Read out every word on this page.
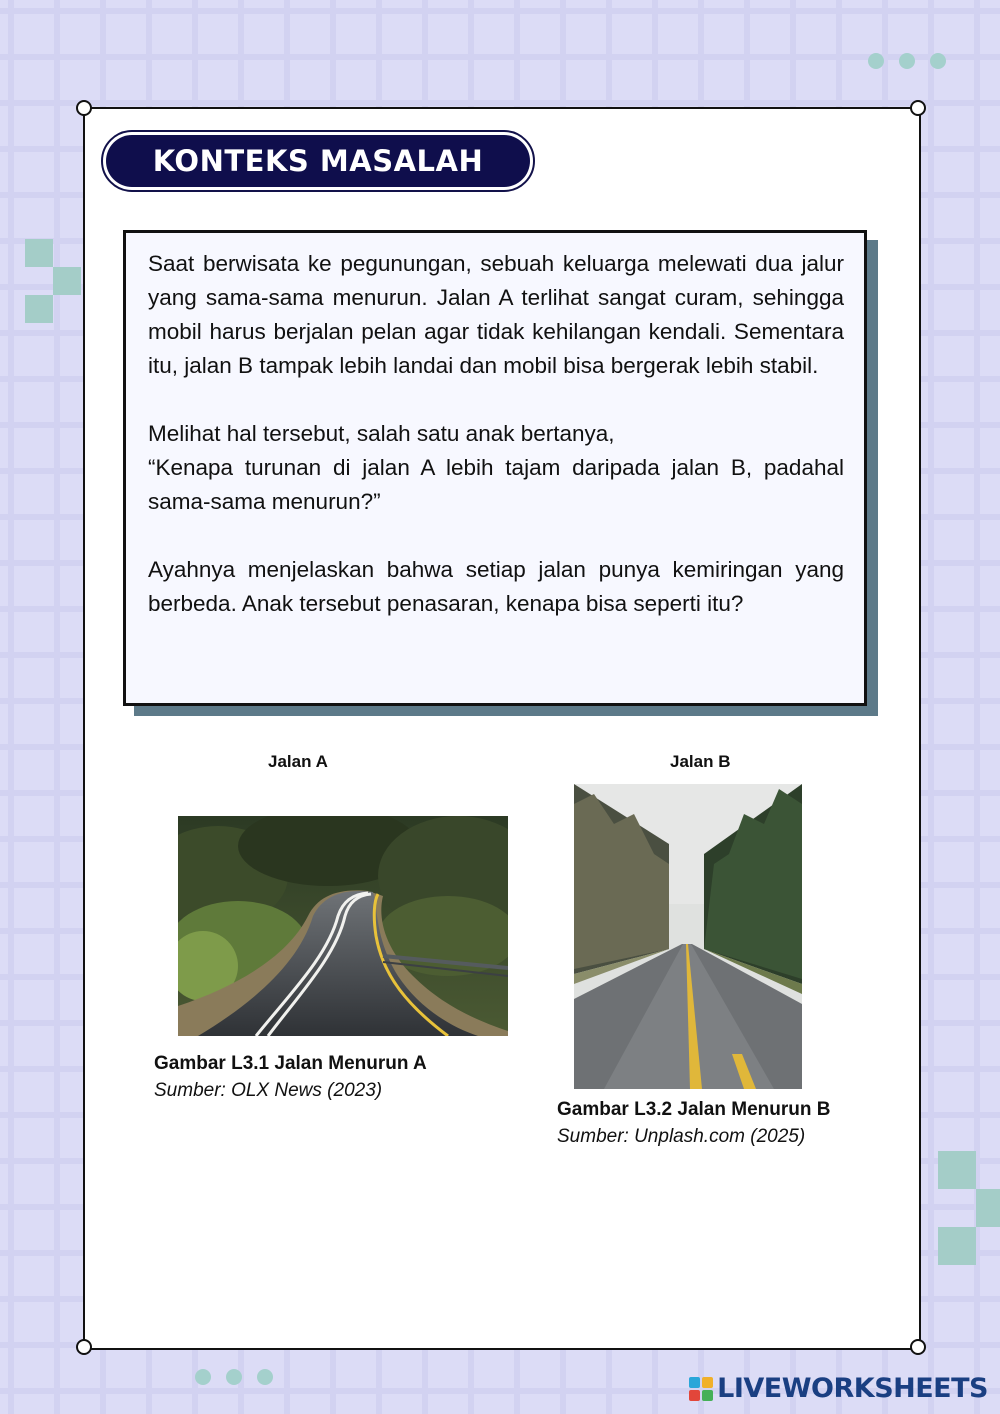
KONTEKS MASALAH

Saat berwisata ke pegunungan, sebuah keluarga melewati dua jalur yang sama-sama menurun. Jalan A terlihat sangat curam, sehingga mobil harus berjalan pelan agar tidak kehilangan kendali. Sementara itu, jalan B tampak lebih landai dan mobil bisa bergerak lebih stabil.

Melihat hal tersebut, salah satu anak bertanya,

“Kenapa turunan di jalan A lebih tajam daripada jalan B, padahal sama-sama menurun?”

Ayahnya menjelaskan bahwa setiap jalan punya kemiringan yang berbeda. Anak tersebut penasaran, kenapa bisa seperti itu?

Jalan A
Gambar L3.1 Jalan Menurun A
Sumber: OLX News (2023)
Jalan B
Gambar L3.2 Jalan Menurun B
Sumber: Unplash.com (2025)
LIVEWORKSHEETS
